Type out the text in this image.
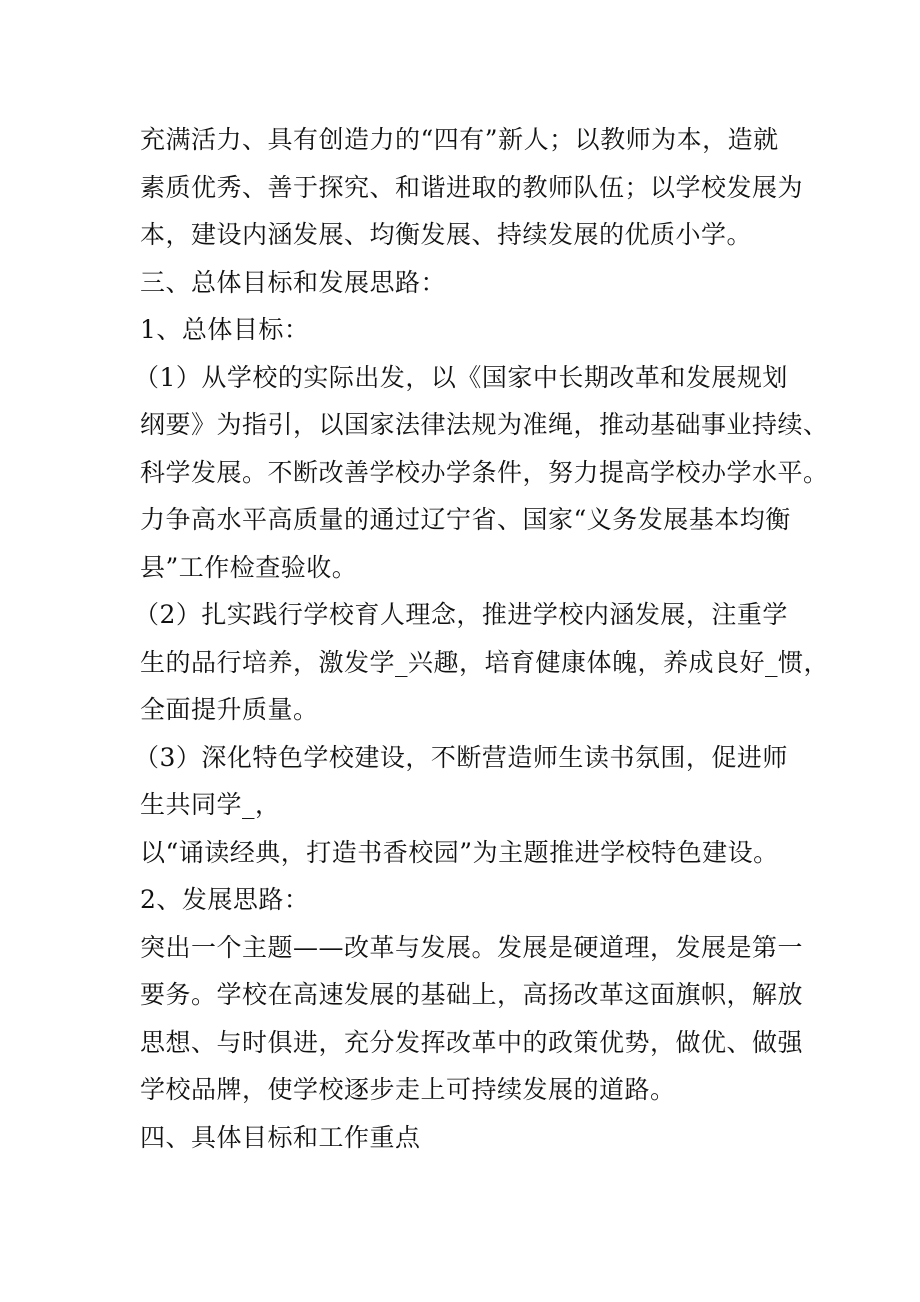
充满活力、具有创造力的“四有”新人；以教师为本，造就
素质优秀、善于探究、和谐进取的教师队伍；以学校发展为
本，建设内涵发展、均衡发展、持续发展的优质小学。
三、总体目标和发展思路：
1、总体目标：
（1）从学校的实际出发，以《国家中长期改革和发展规划
纲要》为指引，以国家法律法规为准绳，推动基础事业持续、
科学发展。不断改善学校办学条件，努力提高学校办学水平。
力争高水平高质量的通过辽宁省、国家“义务发展基本均衡
县”工作检查验收。
（2）扎实践行学校育人理念，推进学校内涵发展，注重学
生的品行培养，激发学_兴趣，培育健康体魄，养成良好_惯，
全面提升质量。
（3）深化特色学校建设，不断营造师生读书氛围，促进师
生共同学_，
以“诵读经典，打造书香校园”为主题推进学校特色建设。
2、发展思路：
突出一个主题——改革与发展。发展是硬道理，发展是第一
要务。学校在高速发展的基础上，高扬改革这面旗帜，解放
思想、与时俱进，充分发挥改革中的政策优势，做优、做强
学校品牌，使学校逐步走上可持续发展的道路。
四、具体目标和工作重点
